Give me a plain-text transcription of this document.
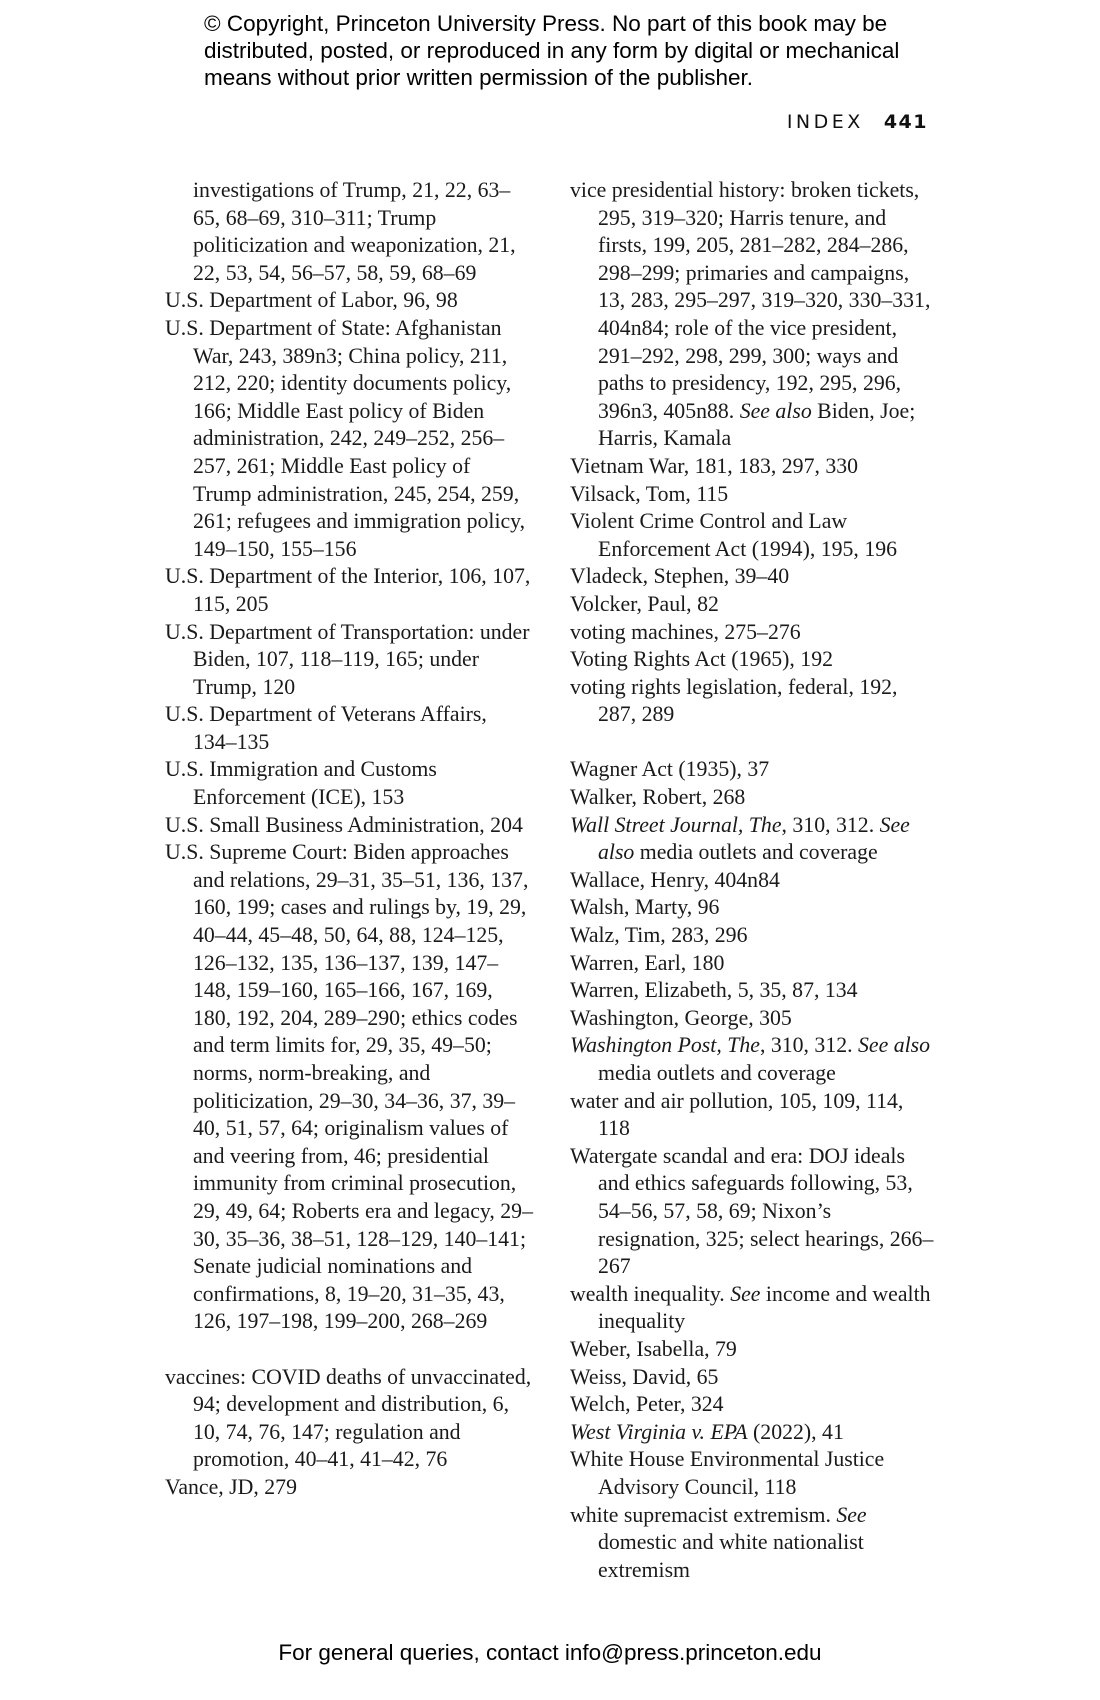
© Copyright, Princeton University Press. No part of this book may be distributed, posted, or reproduced in any form by digital or mechanical means without prior written permission of the publisher.
INDEX 441

investigations of Trump, 21, 22, 63–65, 68–69, 310–311; Trump politicization and weaponization, 21, 22, 53, 54, 56–57, 58, 59, 68–69

U.S. Department of Labor, 96, 98

U.S. Department of State: Afghanistan War, 243, 389n3; China policy, 211, 212, 220; identity documents policy, 166; Middle East policy of Biden administration, 242, 249–252, 256–257, 261; Middle East policy of Trump administration, 245, 254, 259, 261; refugees and immigration policy, 149–150, 155–156

U.S. Department of the Interior, 106, 107, 115, 205

U.S. Department of Transportation: under Biden, 107, 118–119, 165; under Trump, 120

U.S. Department of Veterans Affairs, 134–135

U.S. Immigration and Customs Enforcement (ICE), 153

U.S. Small Business Administration, 204

U.S. Supreme Court: Biden approaches and relations, 29–31, 35–51, 136, 137, 160, 199; cases and rulings by, 19, 29, 40–44, 45–48, 50, 64, 88, 124–125, 126–132, 135, 136–137, 139, 147–148, 159–160, 165–166, 167, 169, 180, 192, 204, 289–290; ethics codes and term limits for, 29, 35, 49–50; norms, norm-breaking, and politicization, 29–30, 34–36, 37, 39–40, 51, 57, 64; originalism values of and veering from, 46; presidential immunity from criminal prosecution, 29, 49, 64; Roberts era and legacy, 29–30, 35–36, 38–51, 128–129, 140–141; Senate judicial nominations and confirmations, 8, 19–20, 31–35, 43, 126, 197–198, 199–200, 268–269

vaccines: COVID deaths of unvaccinated, 94; development and distribution, 6, 10, 74, 76, 147; regulation and promotion, 40–41, 41–42, 76

Vance, JD, 279

vice presidential history: broken tickets, 295, 319–320; Harris tenure, and firsts, 199, 205, 281–282, 284–286, 298–299; primaries and campaigns, 13, 283, 295–297, 319–320, 330–331, 404n84; role of the vice president, 291–292, 298, 299, 300; ways and paths to presidency, 192, 295, 296, 396n3, 405n88. See also Biden, Joe; Harris, Kamala

Vietnam War, 181, 183, 297, 330

Vilsack, Tom, 115

Violent Crime Control and Law Enforcement Act (1994), 195, 196

Vladeck, Stephen, 39–40

Volcker, Paul, 82

voting machines, 275–276

Voting Rights Act (1965), 192

voting rights legislation, federal, 192, 287, 289

Wagner Act (1935), 37

Walker, Robert, 268

Wall Street Journal, The, 310, 312. See also media outlets and coverage

Wallace, Henry, 404n84

Walsh, Marty, 96

Walz, Tim, 283, 296

Warren, Earl, 180

Warren, Elizabeth, 5, 35, 87, 134

Washington, George, 305

Washington Post, The, 310, 312. See also media outlets and coverage

water and air pollution, 105, 109, 114, 118

Watergate scandal and era: DOJ ideals and ethics safeguards following, 53, 54–56, 57, 58, 69; Nixon’s resignation, 325; select hearings, 266–267

wealth inequality. See income and wealth inequality

Weber, Isabella, 79

Weiss, David, 65

Welch, Peter, 324

West Virginia v. EPA (2022), 41

White House Environmental Justice Advisory Council, 118

white supremacist extremism. See domestic and white nationalist extremism

For general queries, contact info@press.princeton.edu
